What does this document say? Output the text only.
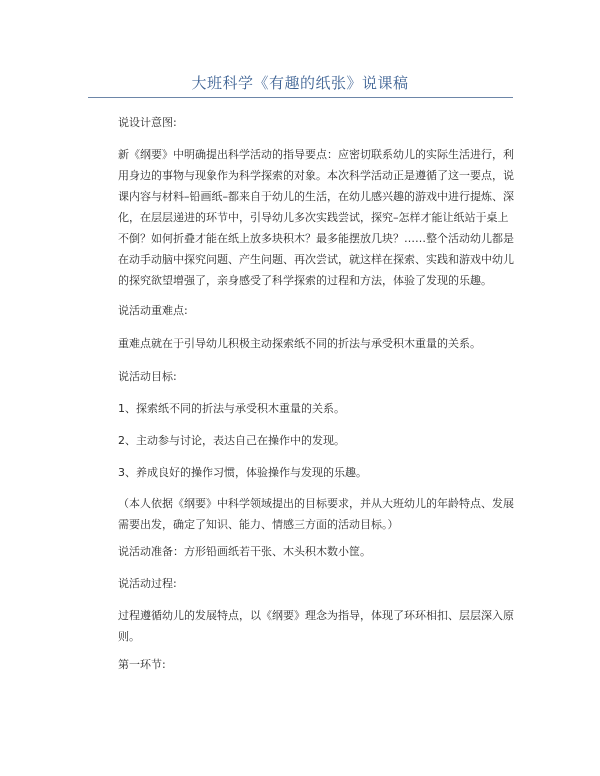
大班科学《有趣的纸张》说课稿

说设计意图:

新《纲要》中明确提出科学活动的指导要点：应密切联系幼儿的实际生活进行，利用身边的事物与现象作为科学探索的对象。本次科学活动正是遵循了这一要点，说课内容与材料–铅画纸–都来自于幼儿的生活，在幼儿感兴趣的游戏中进行提炼、深化，在层层递进的环节中，引导幼儿多次实践尝试，探究–怎样才能让纸站于桌上不倒？如何折叠才能在纸上放多块积木？最多能摆放几块？……整个活动幼儿都是在动手动脑中探究问题、产生问题、再次尝试，就这样在探索、实践和游戏中幼儿的探究欲望增强了，亲身感受了科学探索的过程和方法，体验了发现的乐趣。

说活动重难点:

重难点就在于引导幼儿积极主动探索纸不同的折法与承受积木重量的关系。

说活动目标:

1、探索纸不同的折法与承受积木重量的关系。

2、主动参与讨论，表达自己在操作中的发现。

3、养成良好的操作习惯，体验操作与发现的乐趣。

（本人依据《纲要》中科学领域提出的目标要求，并从大班幼儿的年龄特点、发展需要出发，确定了知识、能力、情感三方面的活动目标。）

说活动准备：方形铅画纸若干张、木头积木数小筐。

说活动过程:

过程遵循幼儿的发展特点，以《纲要》理念为指导，体现了环环相扣、层层深入原则。

第一环节:
